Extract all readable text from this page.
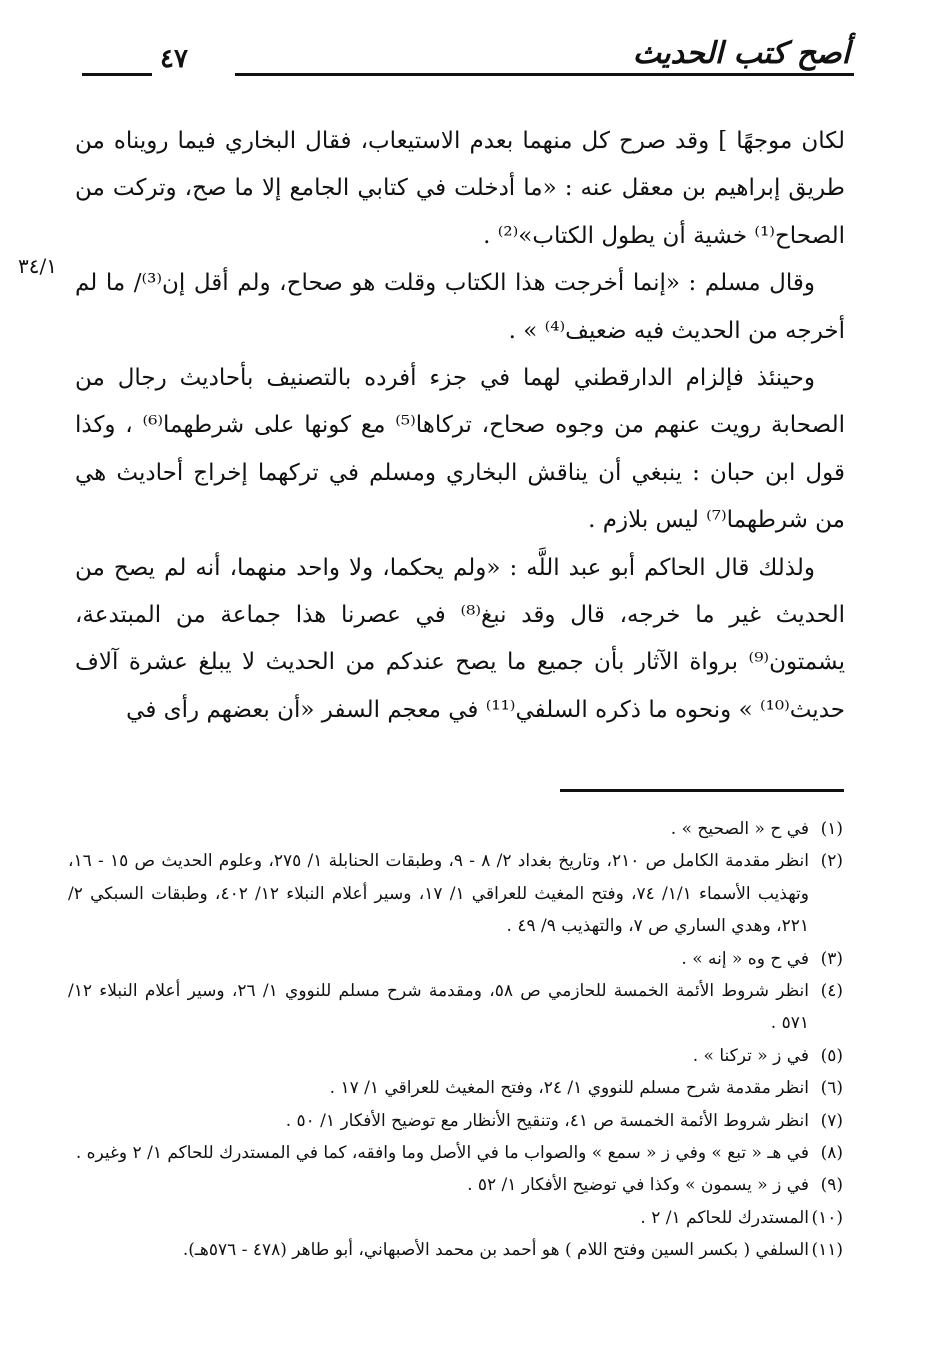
أصح كتب الحديث
٤٧
٣٤/١

لكان موجهًا ] وقد صرح كل منهما بعدم الاستيعاب، فقال البخاري فيما رويناه من طريق إبراهيم بن معقل عنه : «ما أدخلت في كتابي الجامع إلا ما صح، وتركت من الصحاح⁽¹⁾ خشية أن يطول الكتاب»⁽²⁾ .

وقال مسلم : «إنما أخرجت هذا الكتاب وقلت هو صحاح، ولم أقل إن⁽³⁾/ ما لم أخرجه من الحديث فيه ضعيف⁽⁴⁾ » .

وحينئذ فإلزام الدارقطني لهما في جزء أفرده بالتصنيف بأحاديث رجال من الصحابة رويت عنهم من وجوه صحاح، تركاها⁽⁵⁾ مع كونها على شرطهما⁽⁶⁾ ، وكذا قول ابن حبان : ينبغي أن يناقش البخاري ومسلم في تركهما إخراج أحاديث هي من شرطهما⁽⁷⁾ ليس بلازم .

ولذلك قال الحاكم أبو عبد اللَّه : «ولم يحكما، ولا واحد منهما، أنه لم يصح من الحديث غير ما خرجه، قال وقد نبغ⁽⁸⁾ في عصرنا هذا جماعة من المبتدعة، يشمتون⁽⁹⁾ برواة الآثار بأن جميع ما يصح عندكم من الحديث لا يبلغ عشرة آلاف حديث⁽¹⁰⁾ » ونحوه ما ذكره السلفي⁽¹¹⁾ في معجم السفر «أن بعضهم رأى في

(١)في ح « الصحيح » .

(٢)انظر مقدمة الكامل ص ٢١٠، وتاريخ بغداد ٢/ ٨ - ٩، وطبقات الحنابلة ١/ ٢٧٥، وعلوم الحديث ص ١٥ - ١٦، وتهذيب الأسماء ١/١/ ٧٤، وفتح المغيث للعراقي ١/ ١٧، وسير أعلام النبلاء ١٢/ ٤٠٢، وطبقات السبكي ٢/ ٢٢١، وهدي الساري ص ٧، والتهذيب ٩/ ٤٩ .

(٣)في ح وه « إنه » .

(٤)انظر شروط الأئمة الخمسة للحازمي ص ٥٨، ومقدمة شرح مسلم للنووي ١/ ٢٦، وسير أعلام النبلاء ١٢/ ٥٧١ .

(٥)في ز « تركنا » .

(٦)انظر مقدمة شرح مسلم للنووي ١/ ٢٤، وفتح المغيث للعراقي ١/ ١٧ .

(٧)انظر شروط الأئمة الخمسة ص ٤١، وتنقيح الأنظار مع توضيح الأفكار ١/ ٥٠ .

(٨)في هـ « تبع » وفي ز « سمع » والصواب ما في الأصل وما وافقه، كما في المستدرك للحاكم ١/ ٢ وغيره .

(٩)في ز « يسمون » وكذا في توضيح الأفكار ١/ ٥٢ .

(١٠)المستدرك للحاكم ١/ ٢ .

(١١)السلفي ( بكسر السين وفتح اللام ) هو أحمد بن محمد الأصبهاني، أبو طاهر (٤٧٨ - ٥٧٦هـ).
